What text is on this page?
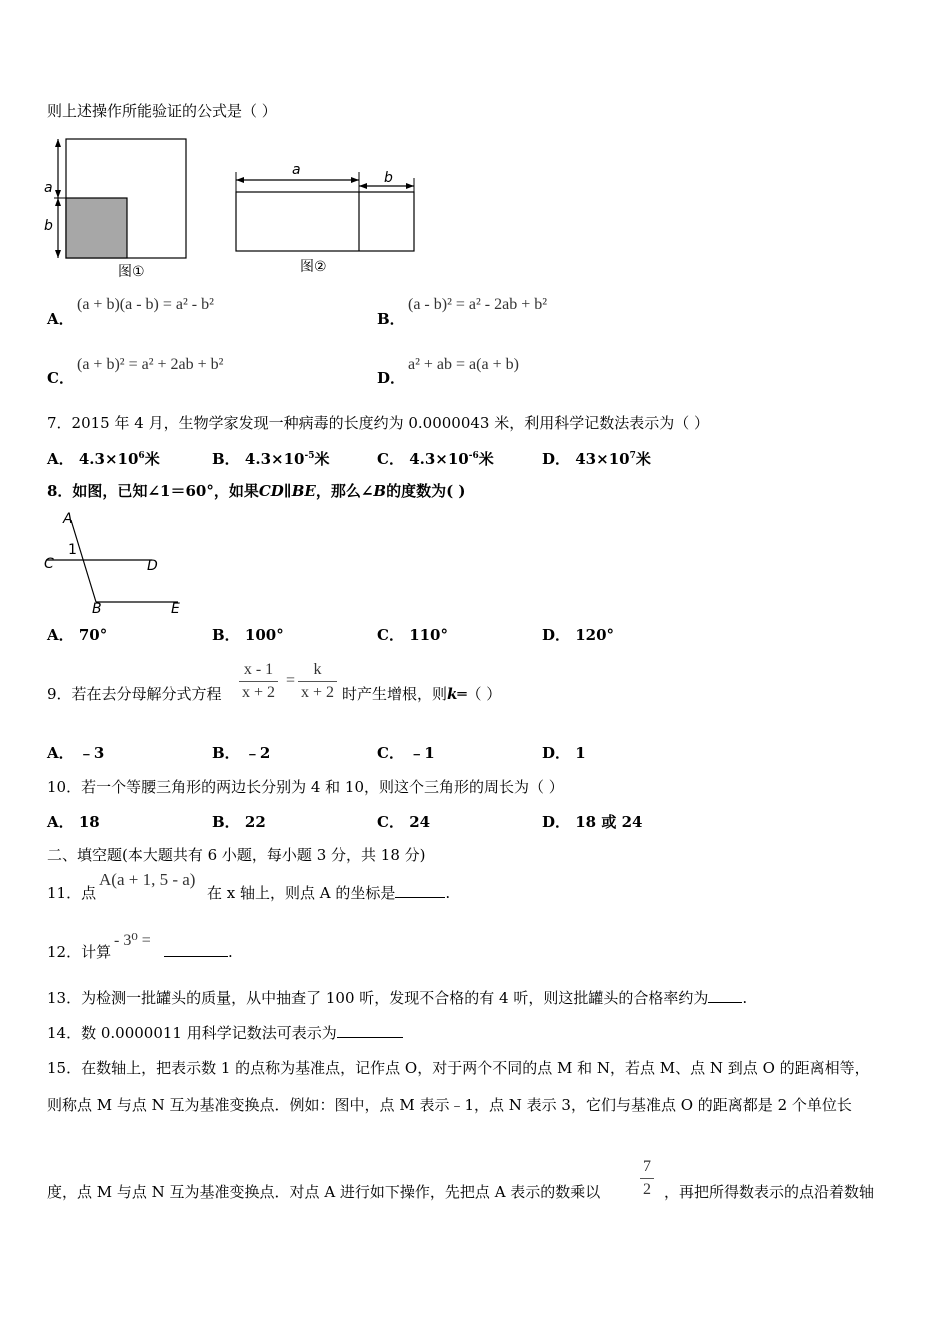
则上述操作所能验证的公式是（ ）
a
b
图①
a	b
图②
A．
(a + b)(a - b) = a² - b²
B．
(a - b)² = a² - 2ab + b²
C．
(a + b)² = a² + 2ab + b²
D．
a² + ab = a(a + b)
7．2015 年 4 月，生物学家发现一种病毒的长度约为 0.0000043 米，利用科学记数法表示为（ ）
A． $4.3\times 10^6$米	B． $4.3\times 10^{-5}$米	C． $4.3\times 10^{-6}$米	D． $43\times 10^7$米
8．如图，已知∠1＝60°，如果CD∥BE，那么∠B的度数为( )
A
1
C	D
B	E
A． 70°	B． 100°	C． 110°	D． 120°
9．若在去分母解分式方程 $\frac{x - 1}{x + 2} = \frac{k}{x + 2}$ 时产生增根，则k═（ ）
A． ﹣3	B． ﹣2	C． ﹣1	D． 1
10．若一个等腰三角形的两边长分别为 4 和 10，则这个三角形的周长为（ ）
A． 18	B． 22	C． 24	D． 18 或 24
二、填空题(本大题共有 6 小题，每小题 3 分，共 18 分)
11．点
A(a + 1, 5 - a)
在 x 轴上，则点 A 的坐标是	.
12．计算
- 3⁰ =
.
13．为检测一批罐头的质量，从中抽查了 100 听，发现不合格的有 4 听，则这批罐头的合格率约为 .
14．数 0.0000011 用科学记数法可表示为
15．在数轴上，把表示数 1 的点称为基准点，记作点 O，对于两个不同的点 M 和 N，若点 M、点 N 到点 O 的距离相等，
则称点 M 与点 N 互为基准变换点．例如：图中，点 M 表示﹣1，点 N 表示 3，它们与基准点 O 的距离都是 2 个单位长
度，点 M 与点 N 互为基准变换点．对点 A 进行如下操作，先把点 A 表示的数乘以 $\frac{7}{2}$ ，再把所得数表示的点沿着数轴
